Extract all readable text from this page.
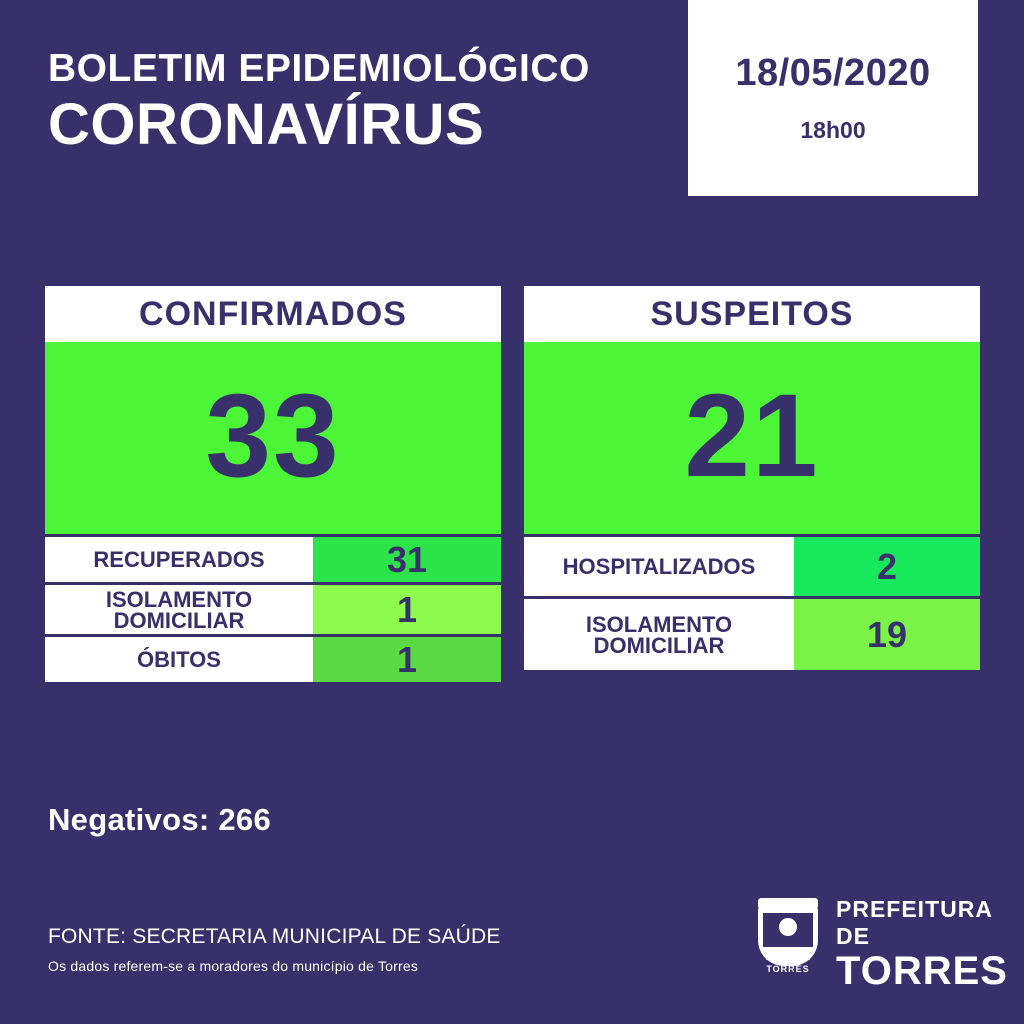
BOLETIM EPIDEMIOLÓGICO
CORONAVÍRUS
18/05/2020
18h00
CONFIRMADOS
33
RECUPERADOS	31
ISOLAMENTO
DOMICILIAR	1
ÓBITOS	1
SUSPEITOS
21
HOSPITALIZADOS	2
ISOLAMENTO
DOMICILIAR	19
Negativos: 266
FONTE: SECRETARIA MUNICIPAL DE SAÚDE
Os dados referem-se a moradores do município de Torres	TORRES
PREFEITURA DE
TORRES
